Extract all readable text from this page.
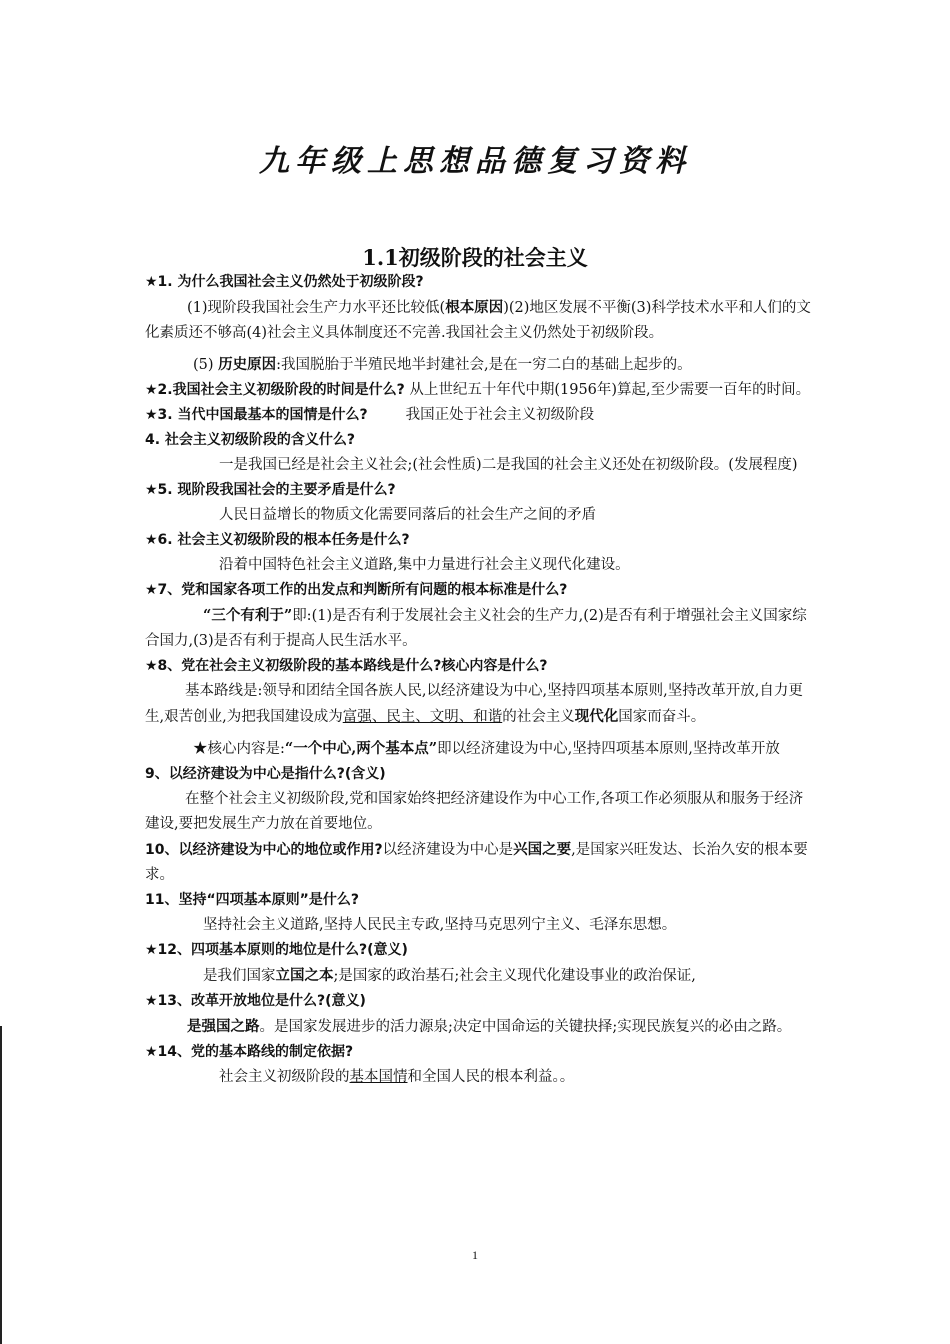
九年级上思想品德复习资料
1.1初级阶段的社会主义

★1. 为什么我国社会主义仍然处于初级阶段?

(1)现阶段我国社会生产力水平还比较低(根本原因)(2)地区发展不平衡(3)科学技术水平和人们的文化素质还不够高(4)社会主义具体制度还不完善.我国社会主义仍然处于初级阶段。

(5) 历史原因:我国脱胎于半殖民地半封建社会,是在一穷二白的基础上起步的。

★2.我国社会主义初级阶段的时间是什么? 从上世纪五十年代中期(1956年)算起,至少需要一百年的时间。

★3. 当代中国最基本的国情是什么?	我国正处于社会主义初级阶段

4. 社会主义初级阶段的含义什么?

一是我国已经是社会主义社会;(社会性质)二是我国的社会主义还处在初级阶段。(发展程度)

★5. 现阶段我国社会的主要矛盾是什么?

人民日益增长的物质文化需要同落后的社会生产之间的矛盾

★6. 社会主义初级阶段的根本任务是什么?

沿着中国特色社会主义道路,集中力量进行社会主义现代化建设。

★7、党和国家各项工作的出发点和判断所有问题的根本标准是什么?

“三个有利于”即:(1)是否有利于发展社会主义社会的生产力,(2)是否有利于增强社会主义国家综合国力,(3)是否有利于提高人民生活水平。

★8、党在社会主义初级阶段的基本路线是什么?核心内容是什么?

基本路线是:领导和团结全国各族人民,以经济建设为中心,坚持四项基本原则,坚持改革开放,自力更生,艰苦创业,为把我国建设成为富强、民主、文明、和谐的社会主义现代化国家而奋斗。

★核心内容是:“一个中心,两个基本点”即以经济建设为中心,坚持四项基本原则,坚持改革开放

9、以经济建设为中心是指什么?(含义)

在整个社会主义初级阶段,党和国家始终把经济建设作为中心工作,各项工作必须服从和服务于经济建设,要把发展生产力放在首要地位。

10、以经济建设为中心的地位或作用?以经济建设为中心是兴国之要,是国家兴旺发达、长治久安的根本要求。

11、坚持“四项基本原则”是什么?

坚持社会主义道路,坚持人民民主专政,坚持马克思列宁主义、毛泽东思想。

★12、四项基本原则的地位是什么?(意义)

是我们国家立国之本;是国家的政治基石;社会主义现代化建设事业的政治保证,

★13、改革开放地位是什么?(意义)

是强国之路。是国家发展进步的活力源泉;决定中国命运的关键抉择;实现民族复兴的必由之路。

★14、党的基本路线的制定依据?

社会主义初级阶段的基本国情和全国人民的根本利益。。

1
